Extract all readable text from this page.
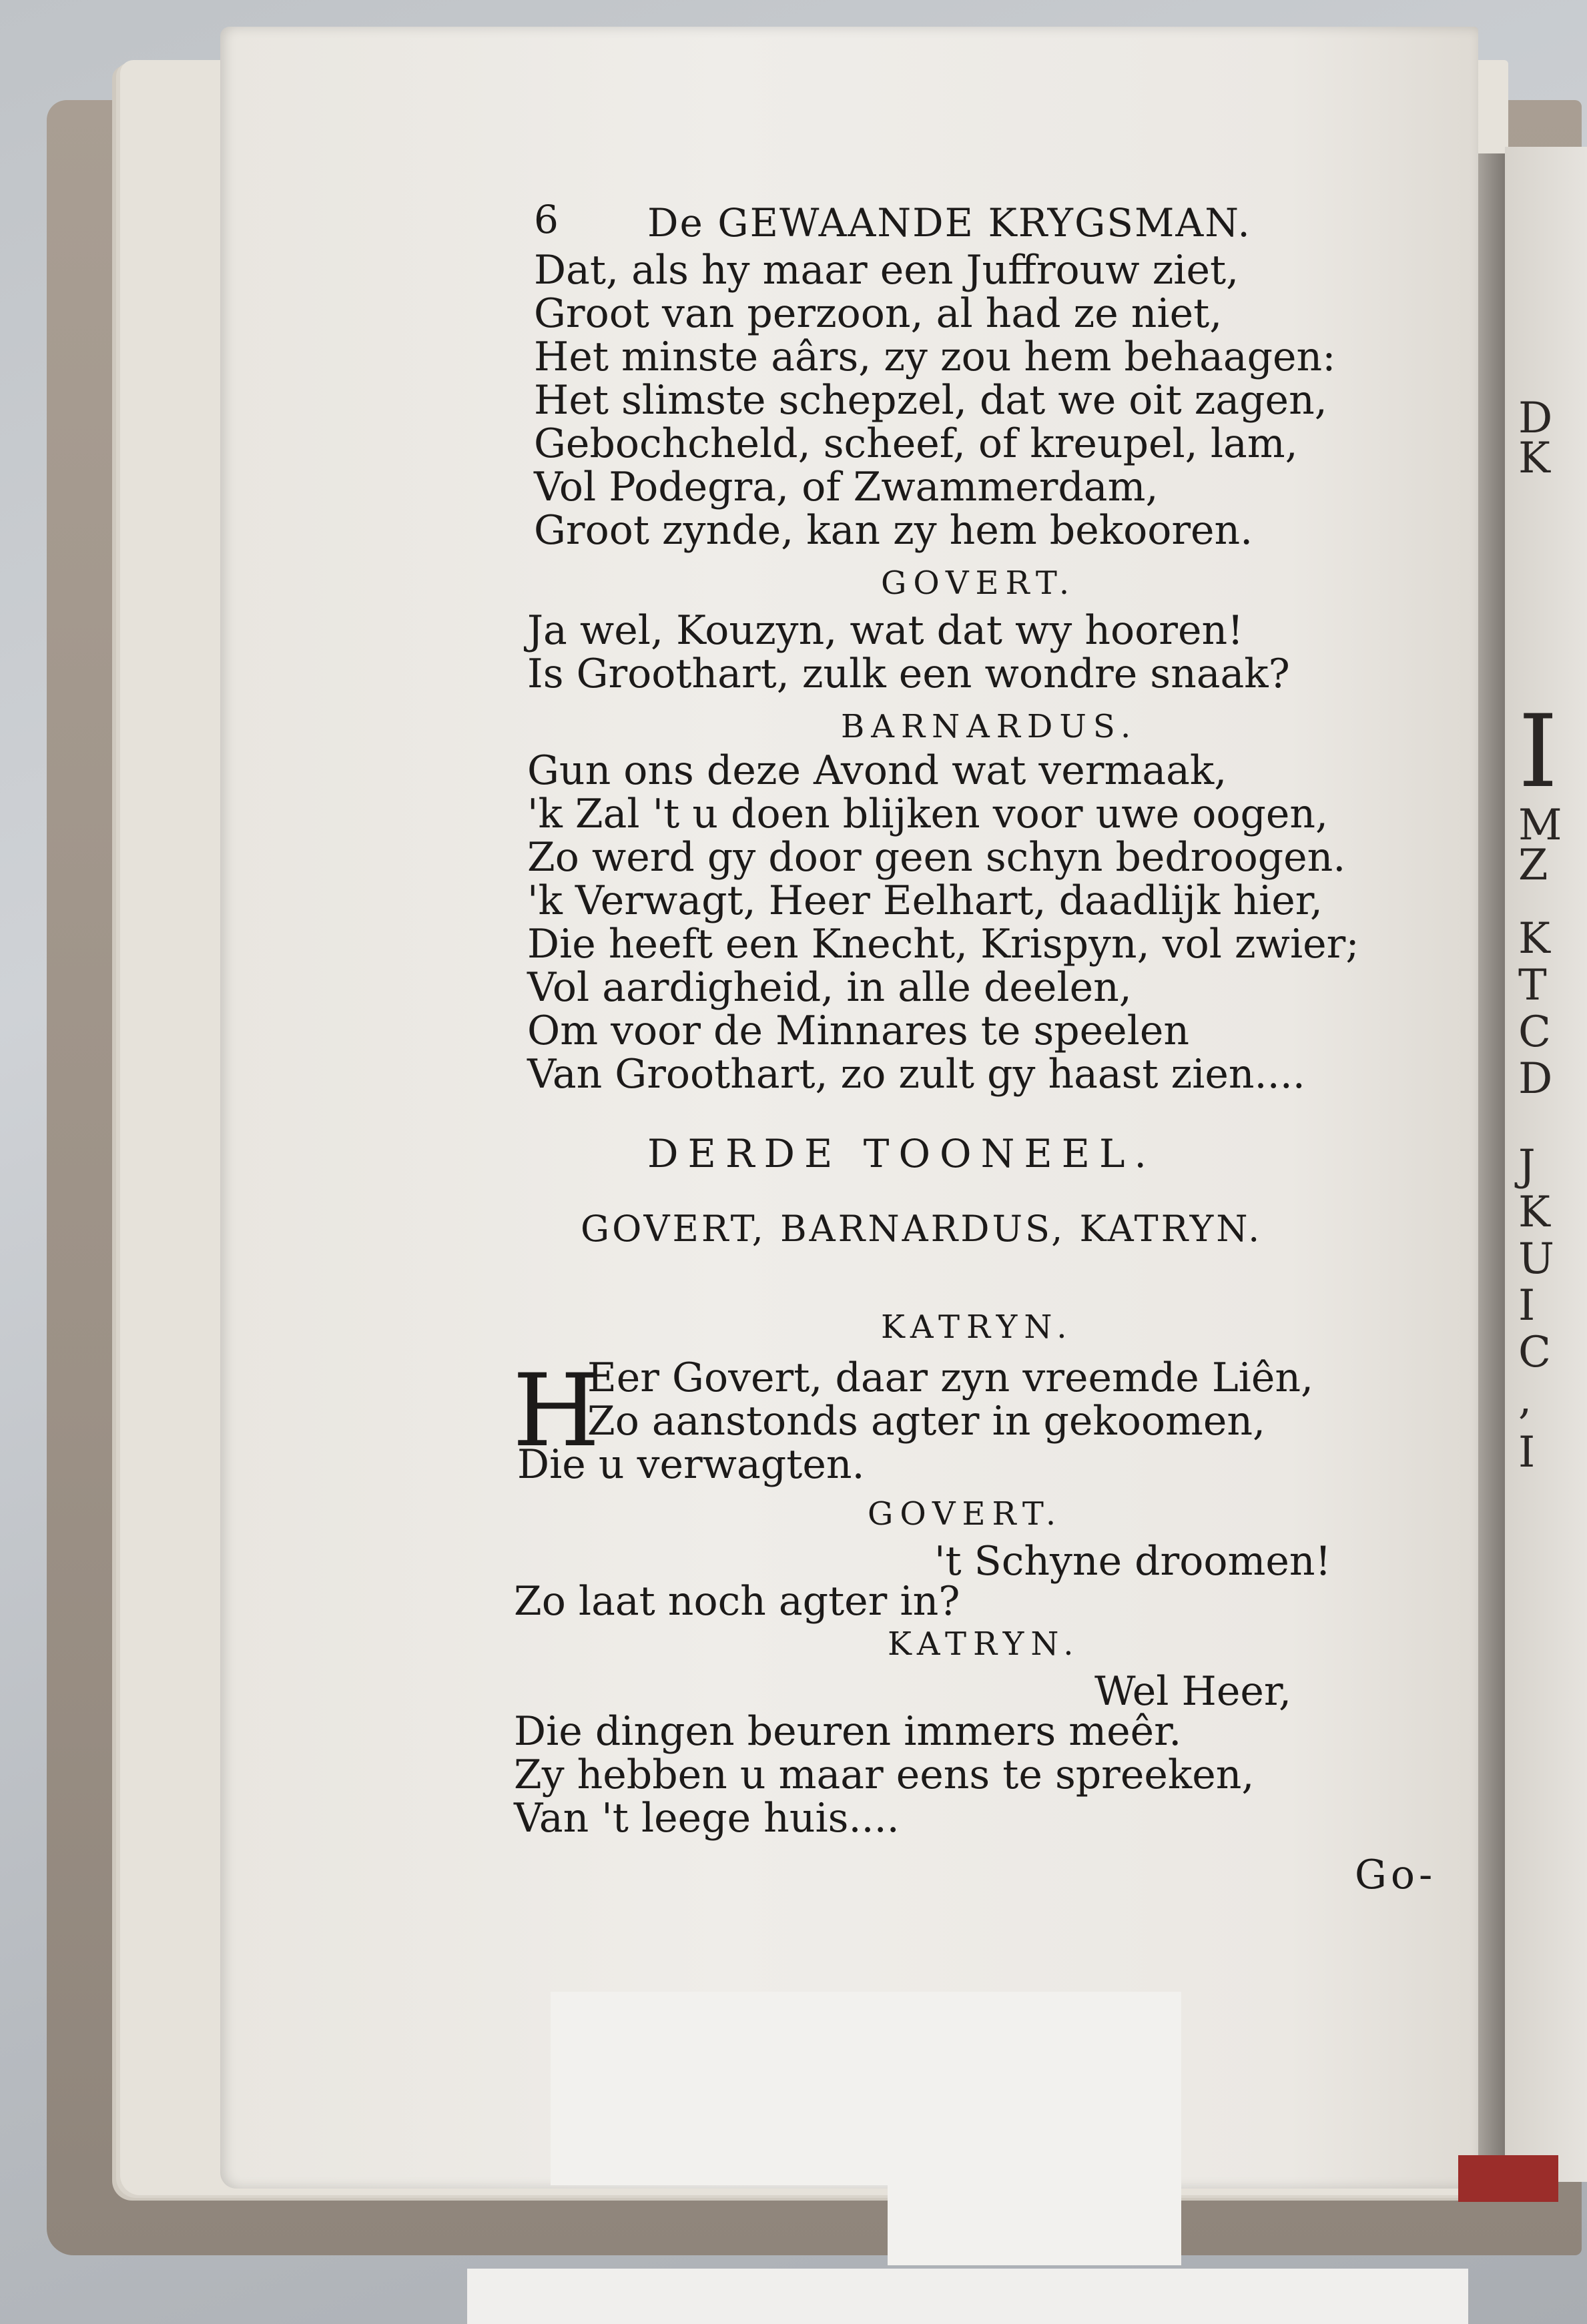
D
K
I
M
Z
K
T
C
D
J
K
U
I
C
,
I
6 De GEWAANDE KRYGSMAN.
Dat, als hy maar een Juffrouw ziet,
Groot van perzoon, al had ze niet,
Het minste aârs, zy zou hem behaagen:
Het slimste schepzel, dat we oit zagen,
Gebochcheld, scheef, of kreupel, lam,
Vol Podegra, of Zwammerdam,
Groot zynde, kan zy hem bekooren.
GOVERT.
Ja wel, Kouzyn, wat dat wy hooren!
Is Groothart, zulk een wondre snaak?
BARNARDUS.
Gun ons deze Avond wat vermaak,
'k Zal 't u doen blijken voor uwe oogen,
Zo werd gy door geen schyn bedroogen.
'k Verwagt, Heer Eelhart, daadlijk hier,
Die heeft een Knecht, Krispyn, vol zwier;
Vol aardigheid, in alle deelen,
Om voor de Minnares te speelen
Van Groothart, zo zult gy haast zien....
DERDE TOONEEL.
GOVERT, BARNARDUS, KATRYN.
KATRYN.
H
Eer Govert, daar zyn vreemde Liên,
Zo aanstonds agter in gekoomen,
Die u verwagten.
GOVERT.
't Schyne droomen!
Zo laat noch agter in?
KATRYN.
Wel Heer,
Die dingen beuren immers meêr.
Zy hebben u maar eens te spreeken,
Van 't leege huis....
Go-
